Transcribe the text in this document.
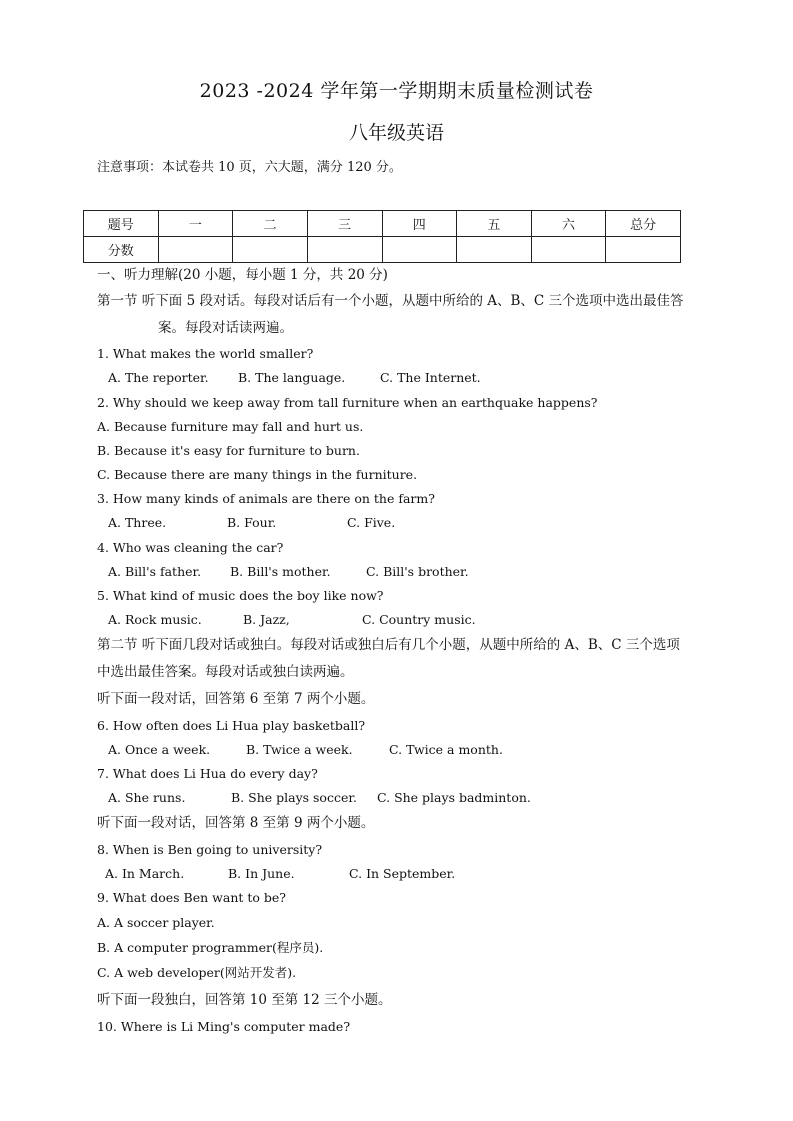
2023 -2024 学年第一学期期末质量检测试卷
八年级英语
注意事项：本试卷共 10 页，六大题，满分 120 分。
题号	一	二	三	四	五	六	总分
分数							
一、听力理解(20 小题，每小题 1 分，共 20 分)
第一节 听下面 5 段对话。每段对话后有一个小题，从题中所给的 A、B、C 三个选项中选出最佳答
案。每段对话读两遍。
1. What makes the world smaller?
A. The reporter. B. The language.	C. The Internet.
2. Why should we keep away from tall furniture when an earthquake happens?
A. Because furniture may fall and hurt us.
B. Because it's easy for furniture to burn.
C. Because there are many things in the furniture.
3. How many kinds of animals are there on the farm?
A. Three.	B. Four.	C. Five.
4. Who was cleaning the car?
A. Bill's father. B. Bill's mother.	C. Bill's brother.
5. What kind of music does the boy like now?
A. Rock music.	B. Jazz,	C. Country music.
第二节 听下面几段对话或独白。每段对话或独白后有几个小题，从题中所给的 A、B、C 三个选项
中选出最佳答案。每段对话或独白读两遍。
听下面一段对话，回答第 6 至第 7 两个小题。
6. How often does Li Hua play basketball?
A. Once a week.	B. Twice a week.	C. Twice a month.
7. What does Li Hua do every day?
A. She runs.	B. She plays soccer. C. She plays badminton.
听下面一段对话，回答第 8 至第 9 两个小题。
8. When is Ben going to university?
A. In March.	B. In June.	C. In September.
9. What does Ben want to be?
A. A soccer player.
B. A computer programmer(程序员).
C. A web developer(网站开发者).
听下面一段独白，回答第 10 至第 12 三个小题。
10. Where is Li Ming's computer made?
